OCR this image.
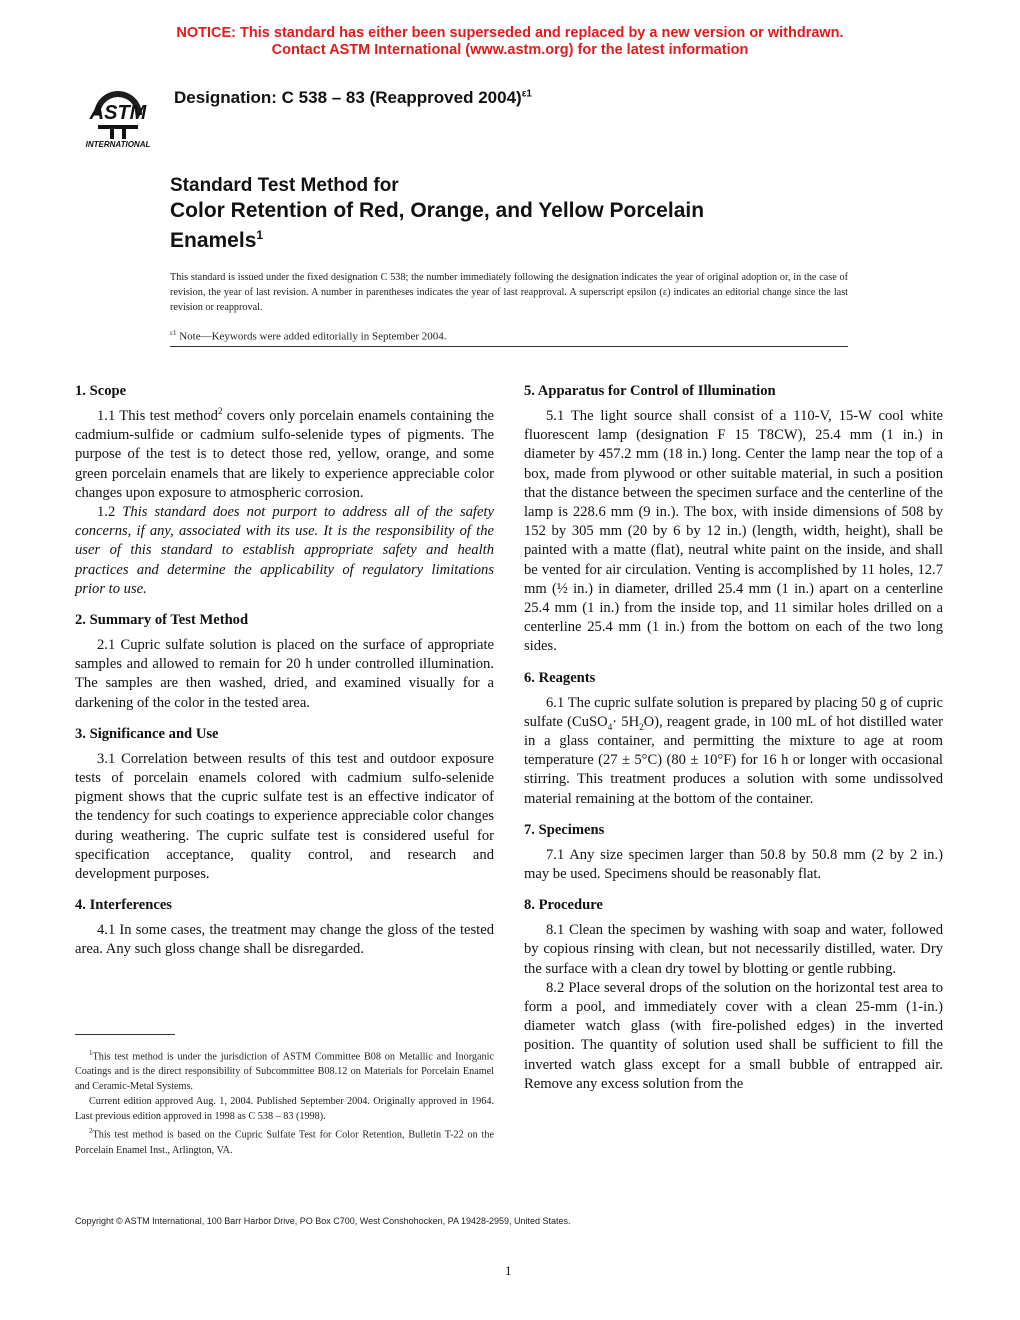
NOTICE: This standard has either been superseded and replaced by a new version or withdrawn.
Contact ASTM International (www.astm.org) for the latest information
ASTM
INTERNATIONAL
Designation: C 538 – 83 (Reapproved 2004)$^{\varepsilon 1}$
Standard Test Method for
Color Retention of Red, Orange, and Yellow Porcelain
Enamels$^1$
This standard is issued under the fixed designation C 538; the number immediately following the designation indicates the year of original adoption or, in the case of revision, the year of last revision. A number in parentheses indicates the year of last reapproval. A superscript epsilon (ε) indicates an editorial change since the last revision or reapproval.
$^{\varepsilon 1}$ Note—Keywords were added editorially in September 2004.
1. Scope

1.1 This test method$^2$ covers only porcelain enamels containing the cadmium-sulfide or cadmium sulfo-selenide types of pigments. The purpose of the test is to detect those red, yellow, orange, and some green porcelain enamels that are likely to experience appreciable color changes upon exposure to atmospheric corrosion.

1.2 This standard does not purport to address all of the safety concerns, if any, associated with its use. It is the responsibility of the user of this standard to establish appropriate safety and health practices and determine the applicability of regulatory limitations prior to use.

2. Summary of Test Method

2.1 Cupric sulfate solution is placed on the surface of appropriate samples and allowed to remain for 20 h under controlled illumination. The samples are then washed, dried, and examined visually for a darkening of the color in the tested area.

3. Significance and Use

3.1 Correlation between results of this test and outdoor exposure tests of porcelain enamels colored with cadmium sulfo-selenide pigment shows that the cupric sulfate test is an effective indicator of the tendency for such coatings to experience appreciable color changes during weathering. The cupric sulfate test is considered useful for specification acceptance, quality control, and research and development purposes.

4. Interferences

4.1 In some cases, the treatment may change the gloss of the tested area. Any such gloss change shall be disregarded.

5. Apparatus for Control of Illumination

5.1 The light source shall consist of a 110-V, 15-W cool white fluorescent lamp (designation F 15 T8CW), 25.4 mm (1 in.) in diameter by 457.2 mm (18 in.) long. Center the lamp near the top of a box, made from plywood or other suitable material, in such a position that the distance between the specimen surface and the centerline of the lamp is 228.6 mm (9 in.). The box, with inside dimensions of 508 by 152 by 305 mm (20 by 6 by 12 in.) (length, width, height), shall be painted with a matte (flat), neutral white paint on the inside, and shall be vented for air circulation. Venting is accomplished by 11 holes, 12.7 mm (½ in.) in diameter, drilled 25.4 mm (1 in.) apart on a centerline 25.4 mm (1 in.) from the inside top, and 11 similar holes drilled on a centerline 25.4 mm (1 in.) from the bottom on each of the two long sides.

6. Reagents

6.1 The cupric sulfate solution is prepared by placing 50 g of cupric sulfate (CuSO$_4$· $5H_2O$), reagent grade, in 100 mL of hot distilled water in a glass container, and permitting the mixture to age at room temperature (27 ± 5°C) (80 ± 10°F) for 16 h or longer with occasional stirring. This treatment produces a solution with some undissolved material remaining at the bottom of the container.

7. Specimens

7.1 Any size specimen larger than 50.8 by 50.8 mm (2 by 2 in.) may be used. Specimens should be reasonably flat.

8. Procedure

8.1 Clean the specimen by washing with soap and water, followed by copious rinsing with clean, but not necessarily distilled, water. Dry the surface with a clean dry towel by blotting or gentle rubbing.

8.2 Place several drops of the solution on the horizontal test area to form a pool, and immediately cover with a clean 25-mm (1-in.) diameter watch glass (with fire-polished edges) in the inverted position. The quantity of solution used shall be sufficient to fill the inverted watch glass except for a small bubble of entrapped air. Remove any excess solution from the

$^1$This test method is under the jurisdiction of ASTM Committee B08 on Metallic and Inorganic Coatings and is the direct responsibility of Subcommittee B08.12 on Materials for Porcelain Enamel and Ceramic-Metal Systems.

Current edition approved Aug. 1, 2004. Published September 2004. Originally approved in 1964. Last previous edition approved in 1998 as C 538 – 83 (1998).

$^2$This test method is based on the Cupric Sulfate Test for Color Retention, Bulletin T-22 on the Porcelain Enamel Inst., Arlington, VA.

Copyright © ASTM International, 100 Barr Harbor Drive, PO Box C700, West Conshohocken, PA 19428-2959, United States.
1
